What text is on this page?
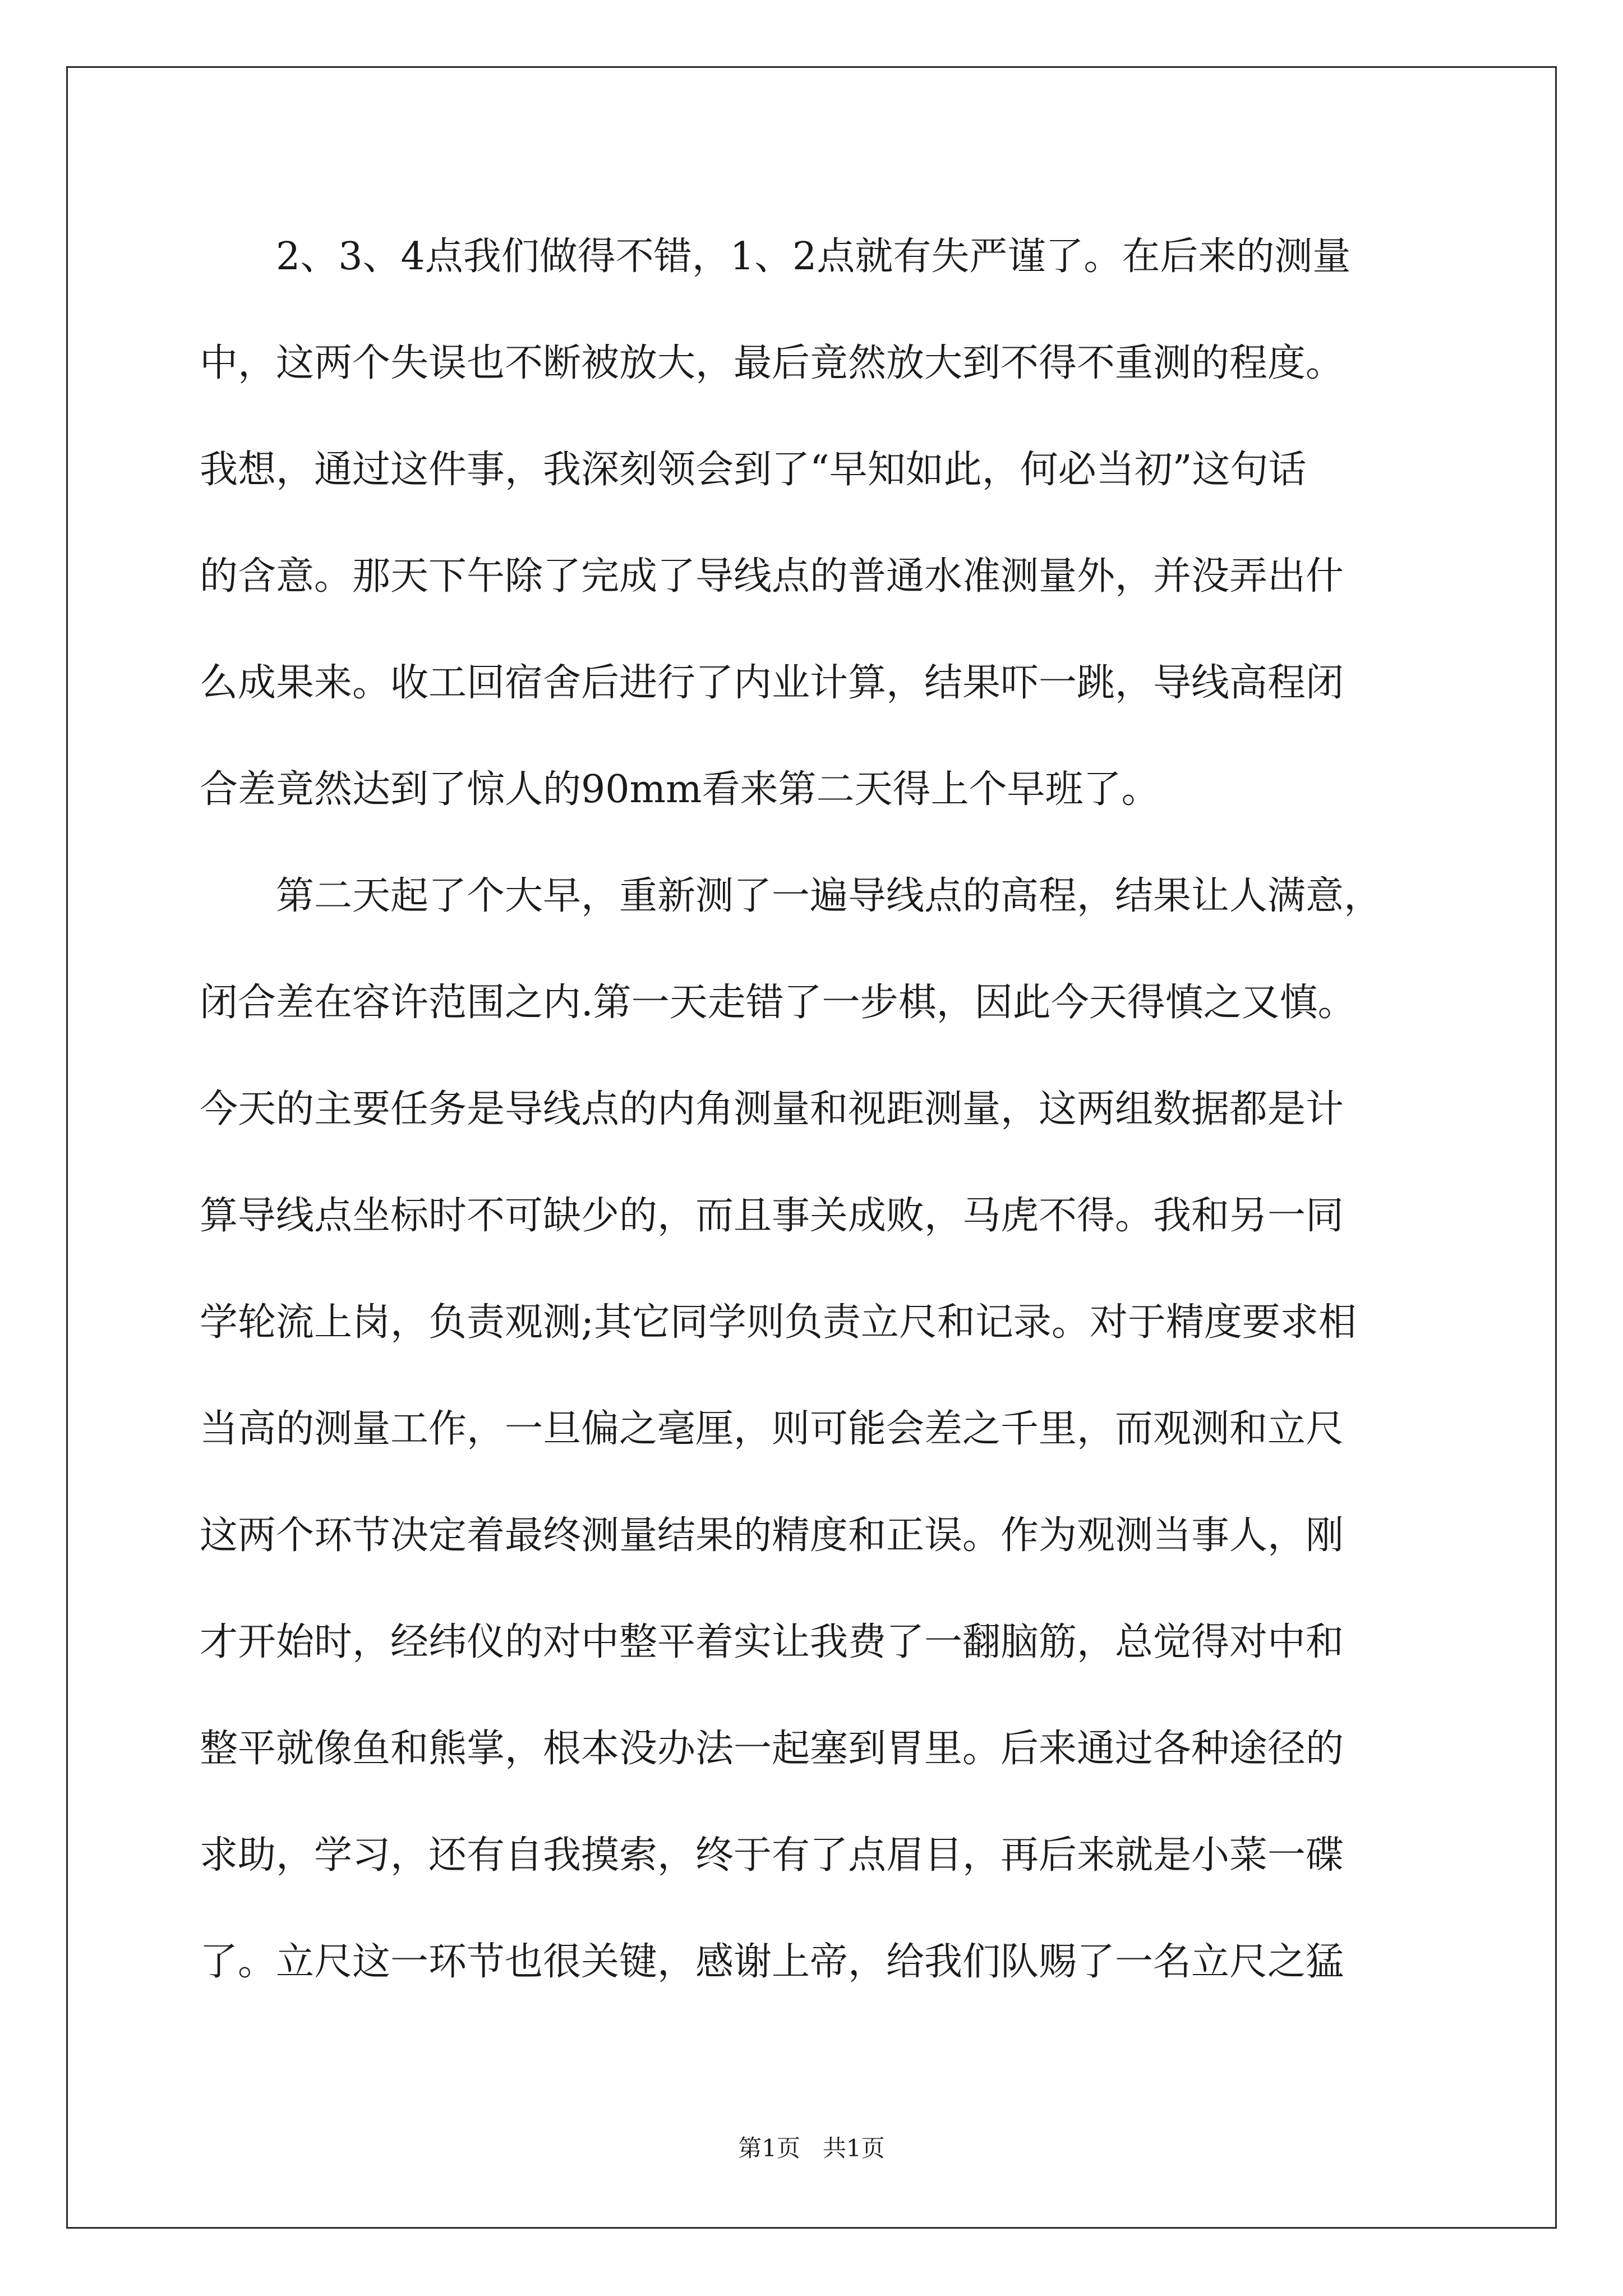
　　2、3、4点我们做得不错，1、2点就有失严谨了。在后来的测量
中，这两个失误也不断被放大，最后竟然放大到不得不重测的程度。
我想，通过这件事，我深刻领会到了“早知如此，何必当初”这句话
的含意。那天下午除了完成了导线点的普通水准测量外，并没弄出什
么成果来。收工回宿舍后进行了内业计算，结果吓一跳，导线高程闭
合差竟然达到了惊人的90mm看来第二天得上个早班了。
　　第二天起了个大早，重新测了一遍导线点的高程，结果让人满意，
闭合差在容许范围之内.第一天走错了一步棋，因此今天得慎之又慎。
今天的主要任务是导线点的内角测量和视距测量，这两组数据都是计
算导线点坐标时不可缺少的，而且事关成败，马虎不得。我和另一同
学轮流上岗，负责观测;其它同学则负责立尺和记录。对于精度要求相
当高的测量工作，一旦偏之毫厘，则可能会差之千里，而观测和立尺
这两个环节决定着最终测量结果的精度和正误。作为观测当事人，刚
才开始时，经纬仪的对中整平着实让我费了一翻脑筋，总觉得对中和
整平就像鱼和熊掌，根本没办法一起塞到胃里。后来通过各种途径的
求助，学习，还有自我摸索，终于有了点眉目，再后来就是小菜一碟
了。立尺这一环节也很关键，感谢上帝，给我们队赐了一名立尺之猛
第1页   共1页
